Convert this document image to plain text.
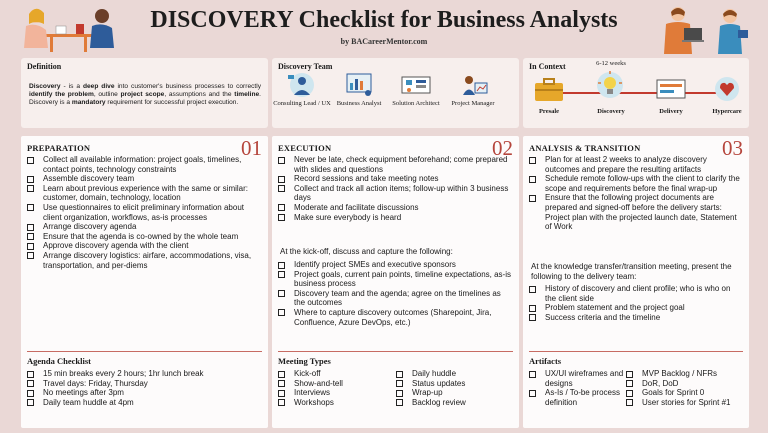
DISCOVERY Checklist for Business Analysts
by BACareerMentor.com
Definition
Discovery - is a deep dive into customer's business processes to correctly identify the problem, outline project scope, assumptions and the timeline. Discovery is a mandatory requirement for successful project execution.
Discovery Team
Consulting Lead / UX Business Analyst	Solution Architect	Project Manager
In Context	6-12 weeks
Presale	Discovery	Delivery	Hypercare
01
PREPARATION
Collect all available information: project goals, timelines, contact points, technology constraints
Assemble discovery team
Learn about previous experience with the same or similar: customer, domain, technology, location
Use questionnaires to elicit preliminary information about client organization, workflows, as-is processes
Arrange discovery agenda
Ensure that the agenda is co-owned by the whole team
Approve discovery agenda with the client
Arrange discovery logistics: airfare, accommodations, visa, transportation, and per-diems
Agenda Checklist
15 min breaks every 2 hours; 1hr lunch break
Travel days: Friday, Thursday
No meetings after 3pm
Daily team huddle at 4pm
02
EXECUTION
Never be late, check equipment beforehand; come prepared with slides and questions
Record sessions and take meeting notes
Collect and track all action items; follow-up within 3 business days
Moderate and facilitate discussions
Make sure everybody is heard
At the kick-off, discuss and capture the following:
Identify project SMEs and executive sponsors
Project goals, current pain points, timeline expectations, as-is business process
Discovery team and the agenda; agree on the timelines as the outcomes
Where to capture discovery outcomes (Sharepoint, Jira, Confluence, Azure DevOps, etc.)
Meeting Types
Kick-off
Show-and-tell
Interviews
Workshops
Daily huddle
Status updates
Wrap-up
Backlog review
03
ANALYSIS & TRANSITION
Plan for at least 2 weeks to analyze discovery outcomes and prepare the resulting artifacts
Schedule remote follow-ups with the client to clarify the scope and requirements before the final wrap-up
Ensure that the following project documents are prepared and signed-off before the delivery starts: Project plan with the projected launch date, Statement of Work
At the knowledge transfer/transition meeting, present the following to the delivery team:
History of discovery and client profile; who is who on the client side
Problem statement and the project goal
Success criteria and the timeline
Artifacts
UX/UI wireframes and designs
As-Is / To-be process definition
MVP Backlog / NFRs
DoR, DoD
Goals for Sprint 0
User stories for Sprint #1
